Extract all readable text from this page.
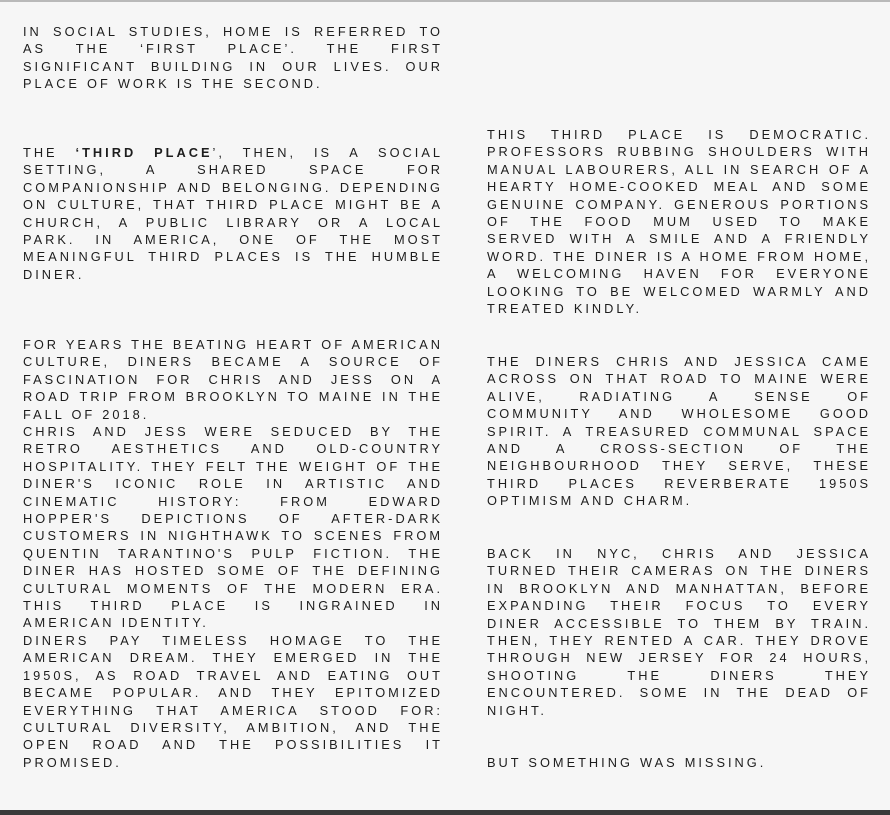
IN SOCIAL STUDIES, HOME IS REFERRED TO AS THE ‘FIRST PLACE’. THE FIRST SIGNIFICANT BUILDING IN OUR LIVES. OUR PLACE OF WORK IS THE SECOND.

THE ‘THIRD PLACE’, THEN, IS A SOCIAL SETTING, A SHARED SPACE FOR COMPANIONSHIP AND BELONGING. DEPENDING ON CULTURE, THAT THIRD PLACE MIGHT BE A CHURCH, A PUBLIC LIBRARY OR A LOCAL PARK. IN AMERICA, ONE OF THE MOST MEANINGFUL THIRD PLACES IS THE HUMBLE DINER.

FOR YEARS THE BEATING HEART OF AMERICAN CULTURE, DINERS BECAME A SOURCE OF FASCINATION FOR CHRIS AND JESS ON A ROAD TRIP FROM BROOKLYN TO MAINE IN THE FALL OF 2018.

CHRIS AND JESS WERE SEDUCED BY THE RETRO AESTHETICS AND OLD-COUNTRY HOSPITALITY. THEY FELT THE WEIGHT OF THE DINER'S ICONIC ROLE IN ARTISTIC AND CINEMATIC HISTORY: FROM EDWARD HOPPER'S DEPICTIONS OF AFTER-DARK CUSTOMERS IN NIGHTHAWK TO SCENES FROM QUENTIN TARANTINO'S PULP FICTION. THE DINER HAS HOSTED SOME OF THE DEFINING CULTURAL MOMENTS OF THE MODERN ERA. THIS THIRD PLACE IS INGRAINED IN AMERICAN IDENTITY.

DINERS PAY TIMELESS HOMAGE TO THE AMERICAN DREAM. THEY EMERGED IN THE 1950S, AS ROAD TRAVEL AND EATING OUT BECAME POPULAR. AND THEY EPITOMIZED EVERYTHING THAT AMERICA STOOD FOR: CULTURAL DIVERSITY, AMBITION, AND THE OPEN ROAD AND THE POSSIBILITIES IT PROMISED.

THIS THIRD PLACE IS DEMOCRATIC. PROFESSORS RUBBING SHOULDERS WITH MANUAL LABOURERS, ALL IN SEARCH OF A HEARTY HOME-COOKED MEAL AND SOME GENUINE COMPANY. GENEROUS PORTIONS OF THE FOOD MUM USED TO MAKE SERVED WITH A SMILE AND A FRIENDLY WORD. THE DINER IS A HOME FROM HOME, A WELCOMING HAVEN FOR EVERYONE LOOKING TO BE WELCOMED WARMLY AND TREATED KINDLY.

THE DINERS CHRIS AND JESSICA CAME ACROSS ON THAT ROAD TO MAINE WERE ALIVE, RADIATING A SENSE OF COMMUNITY AND WHOLESOME GOOD SPIRIT. A TREASURED COMMUNAL SPACE AND A CROSS-SECTION OF THE NEIGHBOURHOOD THEY SERVE, THESE THIRD PLACES REVERBERATE 1950S OPTIMISM AND CHARM.

BACK IN NYC, CHRIS AND JESSICA TURNED THEIR CAMERAS ON THE DINERS IN BROOKLYN AND MANHATTAN, BEFORE EXPANDING THEIR FOCUS TO EVERY DINER ACCESSIBLE TO THEM BY TRAIN. THEN, THEY RENTED A CAR. THEY DROVE THROUGH NEW JERSEY FOR 24 HOURS, SHOOTING THE DINERS THEY ENCOUNTERED. SOME IN THE DEAD OF NIGHT.

BUT SOMETHING WAS MISSING.
